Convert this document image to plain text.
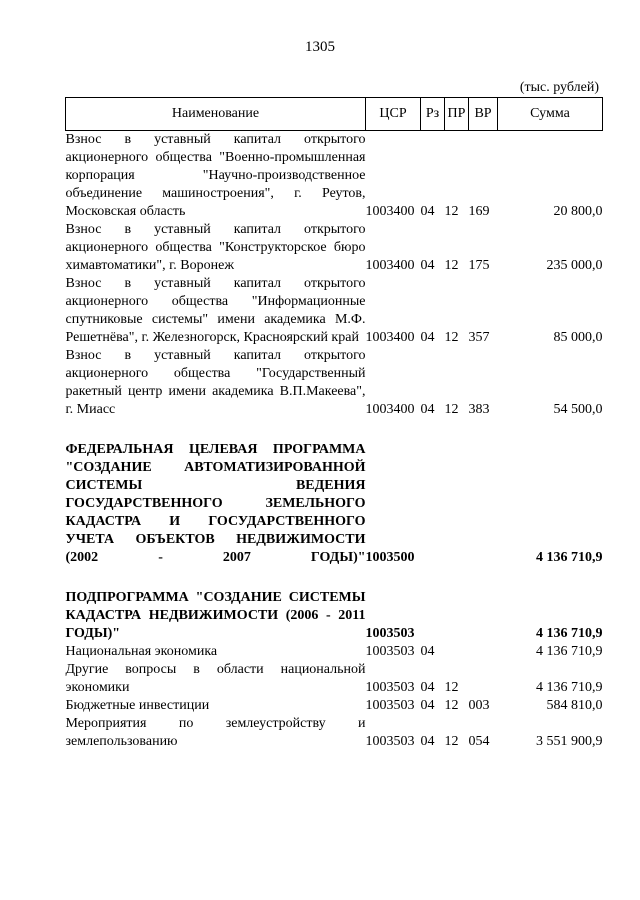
1305
(тыс. рублей)
Наименование	ЦСР	Рз	ПР	ВР	Сумма
Взнос в уставный капитал открытого акционерного общества "Военно-промышленная корпорация "Научно-производственное объединение машиностроения", г. Реутов, Московская область	1003400	04	12	169	20 800,0
Взнос в уставный капитал открытого акционерного общества "Конструкторское бюро химавтоматики", г. Воронеж	1003400	04	12	175	235 000,0
Взнос в уставный капитал открытого акционерного общества "Информационные спутниковые системы" имени академика М.Ф. Решетнёва", г. Железногорск, Красноярский край	1003400	04	12	357	85 000,0
Взнос в уставный капитал открытого акционерного общества "Государственный ракетный центр имени академика В.П.Макеева", г. Миасс	1003400	04	12	383	54 500,0
ФЕДЕРАЛЬНАЯ ЦЕЛЕВАЯ ПРОГРАММА "СОЗДАНИЕ АВТОМАТИЗИРОВАННОЙ СИСТЕМЫ ВЕДЕНИЯ ГОСУДАРСТВЕННОГО ЗЕМЕЛЬНОГО КАДАСТРА И ГОСУДАРСТВЕННОГО УЧЕТА ОБЪЕКТОВ НЕДВИЖИМОСТИ (2002 - 2007 ГОДЫ)"	1003500				4 136 710,9
ПОДПРОГРАММА "СОЗДАНИЕ СИСТЕМЫ КАДАСТРА НЕДВИЖИМОСТИ (2006 - 2011 ГОДЫ)"	1003503				4 136 710,9
Национальная экономика	1003503	04			4 136 710,9
Другие вопросы в области национальной экономики	1003503	04	12		4 136 710,9
Бюджетные инвестиции	1003503	04	12	003	584 810,0
Мероприятия по землеустройству и землепользованию	1003503	04	12	054	3 551 900,9
